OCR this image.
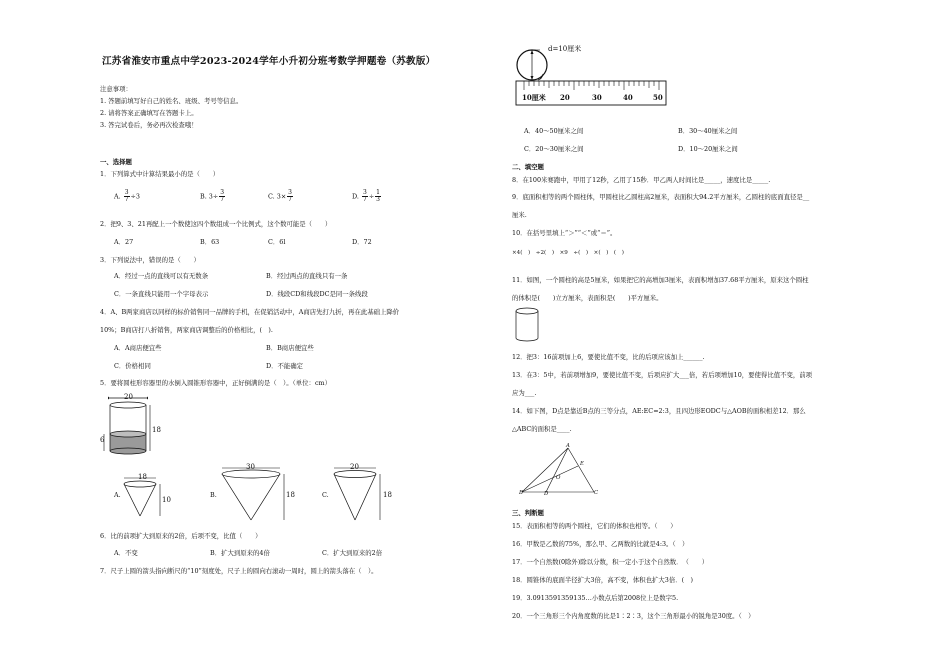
江苏省淮安市重点中学2023-2024学年小升初分班考数学押题卷（苏教版）
注意事项：
1. 答题前填写好自己的姓名、班级、考号等信息。
2. 请将答案正确填写在答题卡上。
3. 答完试卷后，务必再次检查哦！
一、选择题
1．下列算式中计算结果最小的是（　　）
A. $\frac{3}{7} \div 3$	B. $3\div \frac{3}{7}$	C. $3\times \frac{3}{7}$	D. $\frac{3}{7} \div \frac{1}{3}$
2．把9、3、21再配上一个数使这四个数组成一个比例式，这个数可能是（　　）
A．27	B．63	C．6l	D．72
3．下列说法中，错误的是（　　）
A．经过一点的直线可以有无数条	B．经过两点的直线只有一条
C．一条直线只能用一个字母表示	D．线段CD和线段DC是同一条线段
4．A、B两家商店以同样的标价销售同一品牌的手机，在促销活动中，A商店先打九折，再在此基础上降价
10%；B商店打八折销售，两家商店调整后的价格相比，(　).
A．A商店便宜些	B．B商店便宜些
C．价格相同	D．不能确定
5．要将圆柱形容器里的水倒入圆锥形容器中，正好倒满的是（　）。（单位：cm）
20
18
6
A.
18
10
B.
30
18	C.
20
18
6．比的前项扩大到原来的2倍，后项不变，比值（　　）
A．不变	B．扩大到原来的4倍	C．扩大到原来的2倍
7．尺子上圆的箭头指向断尺的“10”刻度处，尺子上的圆向右滚动一周时，圆上的箭头落在（　）。
d=10厘米
10厘米 20	30	40	50
A．40～50厘米之间	B．30～40厘米之间
C．20～30厘米之间	D．10～20厘米之间
二、填空题
8．在100米赛跑中，甲用了12秒，乙用了15秒．甲乙两人时间比是_____，速度比是_____.
9．底面积相等的两个圆柱体，甲圆柱比乙圆柱高2厘米，表面积大94.2平方厘米，乙圆柱的底面直径是__
厘米.
10．在括号里填上“＞”“＜”或“＝”。
×4(　)　÷2(　)　×9　÷(　)　×(　)　(　)
11．如图，一个圆柱的高是5厘米，如果把它的高增加3厘米，表面积增加37.68平方厘米，原来这个圆柱
的体积是(　　)立方厘米，表面积是(　　)平方厘米。
12．把3：16前项加上6，要使比值不变，比的后项应该加上______.
13．在3：5中，若前项增加9，要使比值不变，后项应扩大___倍，若后项增加10，要使得比值不变，前项
应为___.
14．如下图，D点是靠近B点的三等分点，AE:EC=2:3，且四边形EODC与△AOB的面积相差12．那么
△ABC的面积是____.
A
B	C
D
E
O
三、判断题
15．表面积相等的两个圆柱，它们的体积也相等。（　　）
16．甲数是乙数的75%，那么甲、乙两数的比就是4:3。（　）
17．一个自然数(0除外)除以分数，积一定小于这个自然数．　（　　）
18．圆锥体的底面半径扩大3倍，高不变，体积也扩大3倍．(　)
19．3.0913591359135…小数点后第2008位上是数字5.
20．一个三角形三个内角度数的比是1∶2∶3，这个三角形最小的锐角是30度。（　）
